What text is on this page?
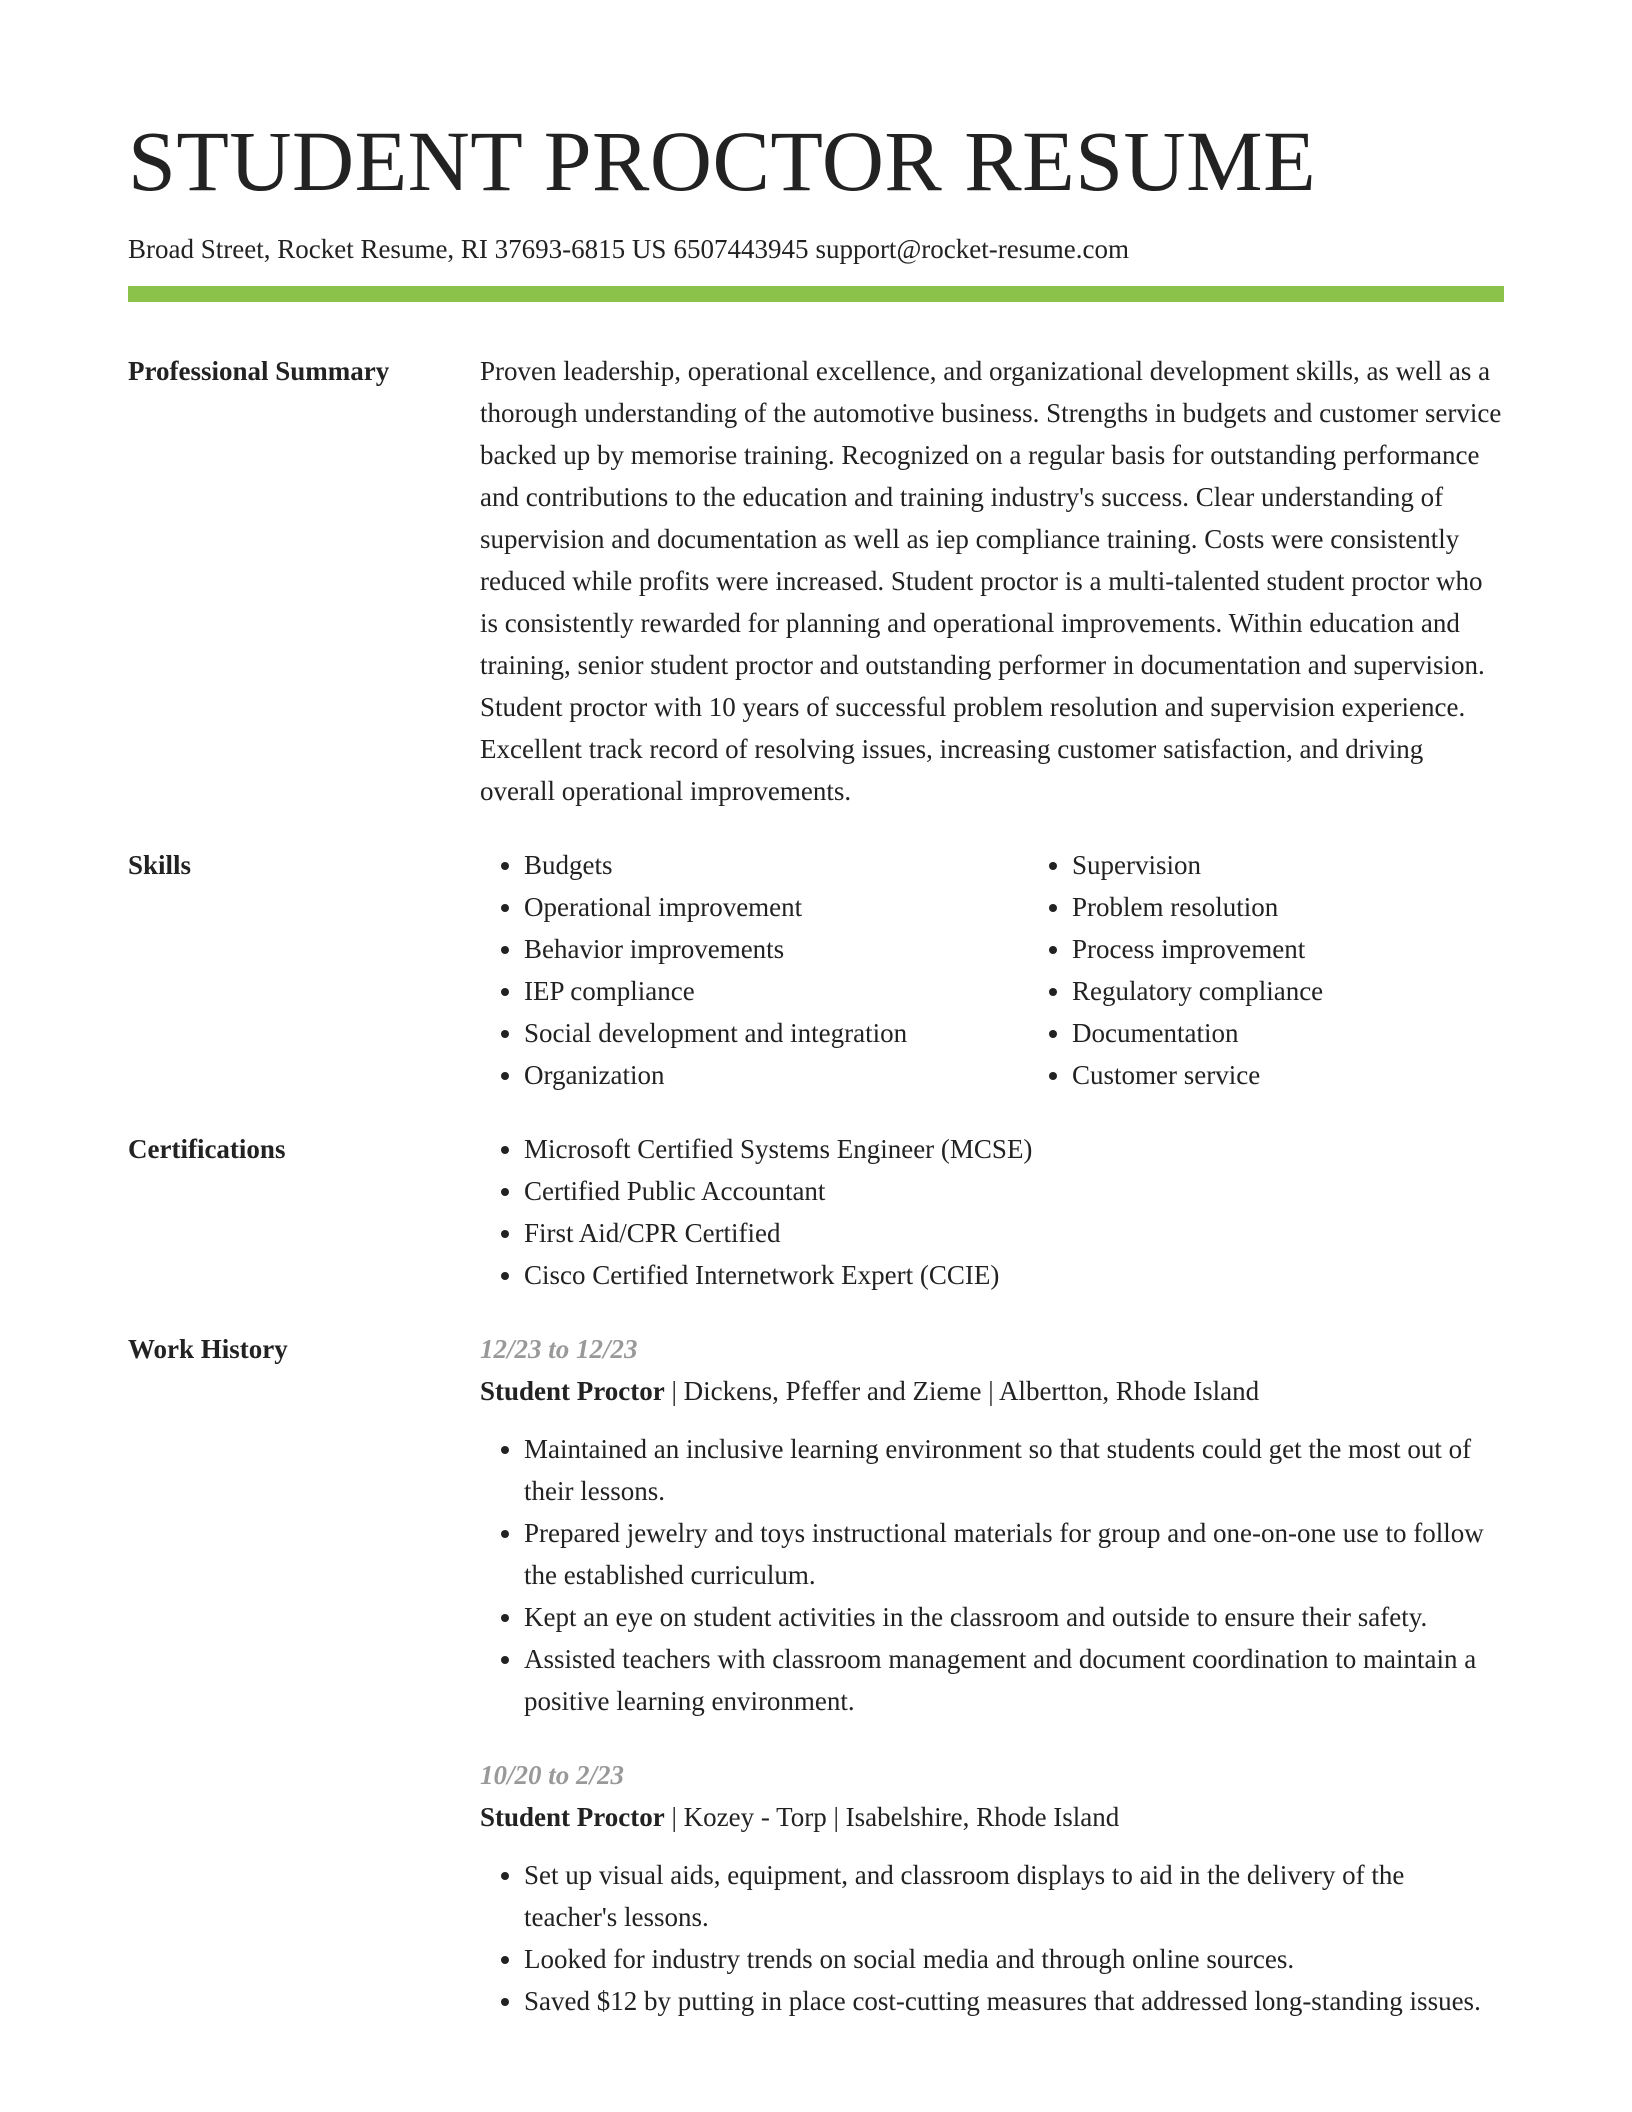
STUDENT PROCTOR RESUME
Broad Street, Rocket Resume, RI 37693-6815 US 6507443945 support@rocket-resume.com
Professional Summary	Proven leadership, operational excellence, and organizational development skills, as well as a thorough understanding of the automotive business. Strengths in budgets and customer service backed up by memorise training. Recognized on a regular basis for outstanding performance and contributions to the education and training industry's success. Clear understanding of supervision and documentation as well as iep compliance training. Costs were consistently reduced while profits were increased. Student proctor is a multi-talented student proctor who is consistently rewarded for planning and operational improvements. Within education and training, senior student proctor and outstanding performer in documentation and supervision. Student proctor with 10 years of successful problem resolution and supervision experience. Excellent track record of resolving issues, increasing customer satisfaction, and driving overall operational improvements.

Skills	• Budgets
• Operational improvement
• Behavior improvements
• IEP compliance
• Social development and integration
• Organization
• Supervision
• Problem resolution
• Process improvement
• Regulatory compliance
• Documentation
• Customer service
Certifications	• Microsoft Certified Systems Engineer (MCSE)
• Certified Public Accountant
• First Aid/CPR Certified
• Cisco Certified Internetwork Expert (CCIE)
Work History	12/23 to 12/23
Student Proctor | Dickens, Pfeffer and Zieme | Albertton, Rhode Island
• Maintained an inclusive learning environment so that students could get the most out of their lessons.
• Prepared jewelry and toys instructional materials for group and one-on-one use to follow the established curriculum.
• Kept an eye on student activities in the classroom and outside to ensure their safety.
• Assisted teachers with classroom management and document coordination to maintain a positive learning environment.
10/20 to 2/23
Student Proctor | Kozey - Torp | Isabelshire, Rhode Island
• Set up visual aids, equipment, and classroom displays to aid in the delivery of the teacher's lessons.
• Looked for industry trends on social media and through online sources.
• Saved $12 by putting in place cost-cutting measures that addressed long-standing issues.
